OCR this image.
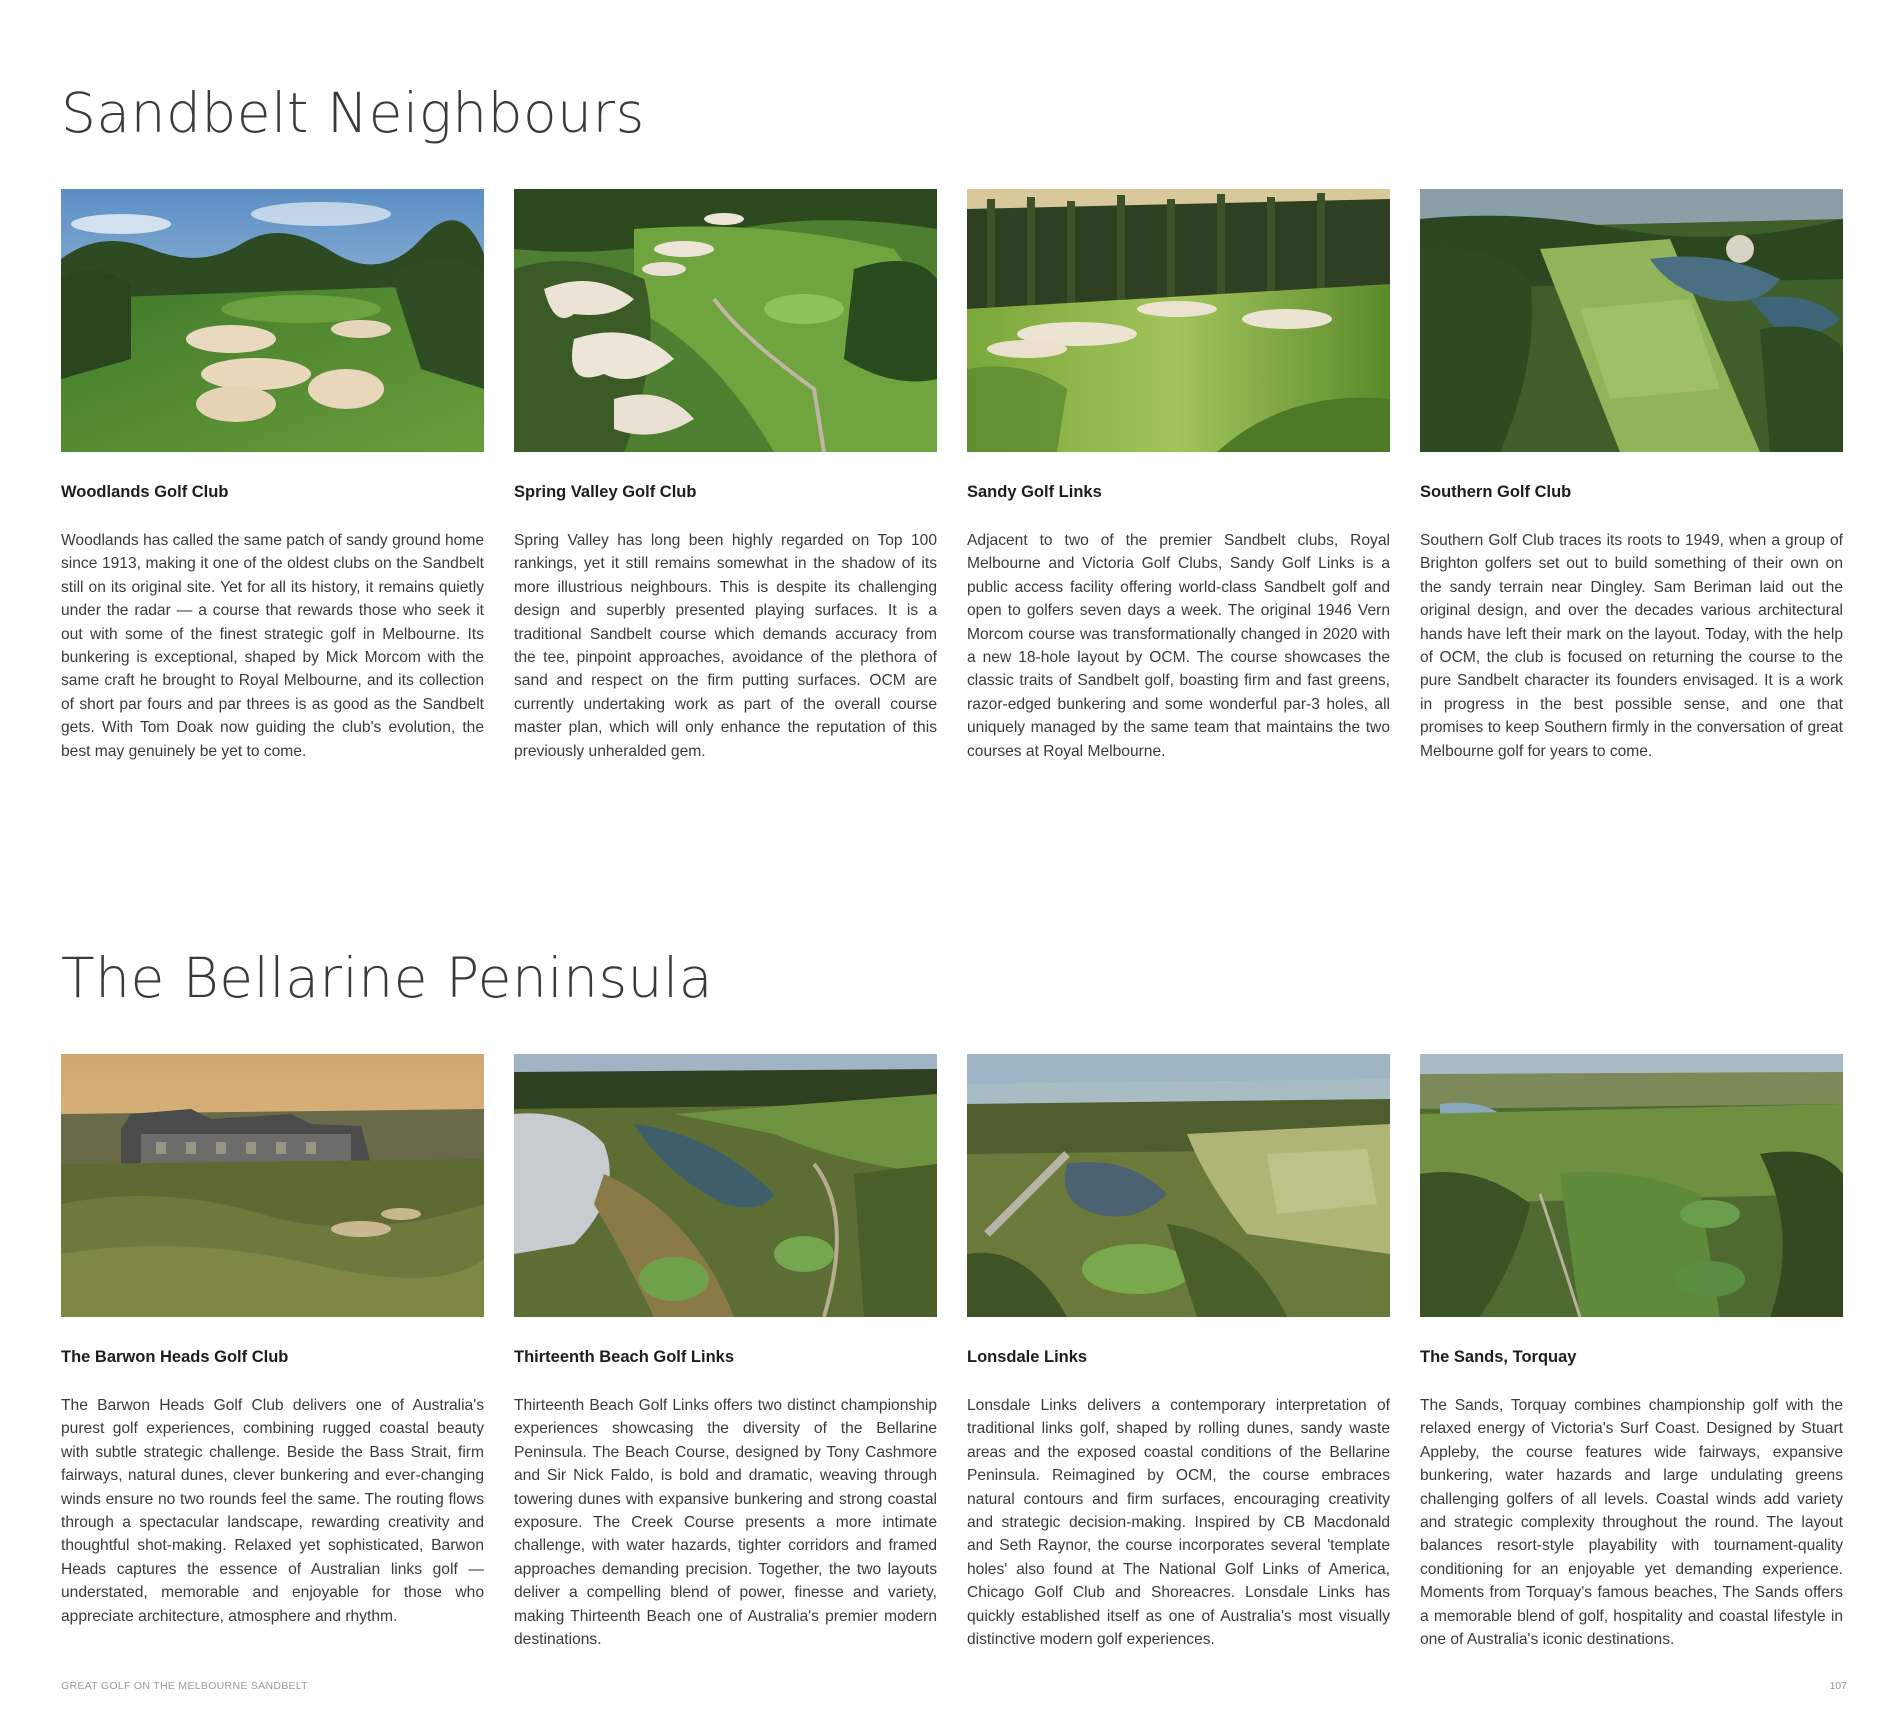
Sandbelt Neighbours
Woodlands Golf Club

Woodlands has called the same patch of sandy ground home since 1913, making it one of the oldest clubs on the Sandbelt still on its original site. Yet for all its history, it remains quietly under the radar — a course that rewards those who seek it out with some of the finest strategic golf in Melbourne. Its bunkering is exceptional, shaped by Mick Morcom with the same craft he brought to Royal Melbourne, and its collection of short par fours and par threes is as good as the Sandbelt gets. With Tom Doak now guiding the club's evolution, the best may genuinely be yet to come.

Spring Valley Golf Club

Spring Valley has long been highly regarded on Top 100 rankings, yet it still remains somewhat in the shadow of its more illustrious neighbours. This is despite its challenging design and superbly presented playing surfaces. It is a traditional Sandbelt course which demands accuracy from the tee, pinpoint approaches, avoidance of the plethora of sand and respect on the firm putting surfaces. OCM are currently undertaking work as part of the overall course master plan, which will only enhance the reputation of this previously unheralded gem.

Sandy Golf Links

Adjacent to two of the premier Sandbelt clubs, Royal Melbourne and Victoria Golf Clubs, Sandy Golf Links is a public access facility offering world-class Sandbelt golf and open to golfers seven days a week. The original 1946 Vern Morcom course was transformationally changed in 2020 with a new 18-hole layout by OCM. The course showcases the classic traits of Sandbelt golf, boasting firm and fast greens, razor-edged bunkering and some wonderful par-3 holes, all uniquely managed by the same team that maintains the two courses at Royal Melbourne.

Southern Golf Club

Southern Golf Club traces its roots to 1949, when a group of Brighton golfers set out to build something of their own on the sandy terrain near Dingley. Sam Beriman laid out the original design, and over the decades various architectural hands have left their mark on the layout. Today, with the help of OCM, the club is focused on returning the course to the pure Sandbelt character its founders envisaged. It is a work in progress in the best possible sense, and one that promises to keep Southern firmly in the conversation of great Melbourne golf for years to come.

The Bellarine Peninsula
The Barwon Heads Golf Club

The Barwon Heads Golf Club delivers one of Australia's purest golf experiences, combining rugged coastal beauty with subtle strategic challenge. Beside the Bass Strait, firm fairways, natural dunes, clever bunkering and ever-changing winds ensure no two rounds feel the same. The routing flows through a spectacular landscape, rewarding creativity and thoughtful shot-making. Relaxed yet sophisticated, Barwon Heads captures the essence of Australian links golf — understated, memorable and enjoyable for those who appreciate architecture, atmosphere and rhythm.

Thirteenth Beach Golf Links

Thirteenth Beach Golf Links offers two distinct championship experiences showcasing the diversity of the Bellarine Peninsula. The Beach Course, designed by Tony Cashmore and Sir Nick Faldo, is bold and dramatic, weaving through towering dunes with expansive bunkering and strong coastal exposure. The Creek Course presents a more intimate challenge, with water hazards, tighter corridors and framed approaches demanding precision. Together, the two layouts deliver a compelling blend of power, finesse and variety, making Thirteenth Beach one of Australia's premier modern destinations.

Lonsdale Links

Lonsdale Links delivers a contemporary interpretation of traditional links golf, shaped by rolling dunes, sandy waste areas and the exposed coastal conditions of the Bellarine Peninsula. Reimagined by OCM, the course embraces natural contours and firm surfaces, encouraging creativity and strategic decision-making. Inspired by CB Macdonald and Seth Raynor, the course incorporates several 'template holes' also found at The National Golf Links of America, Chicago Golf Club and Shoreacres. Lonsdale Links has quickly established itself as one of Australia's most visually distinctive modern golf experiences.

The Sands, Torquay

The Sands, Torquay combines championship golf with the relaxed energy of Victoria's Surf Coast. Designed by Stuart Appleby, the course features wide fairways, expansive bunkering, water hazards and large undulating greens challenging golfers of all levels. Coastal winds add variety and strategic complexity throughout the round. The layout balances resort-style playability with tournament-quality conditioning for an enjoyable yet demanding experience. Moments from Torquay's famous beaches, The Sands offers a memorable blend of golf, hospitality and coastal lifestyle in one of Australia's iconic destinations.

GREAT GOLF ON THE MELBOURNE SANDBELT	107
